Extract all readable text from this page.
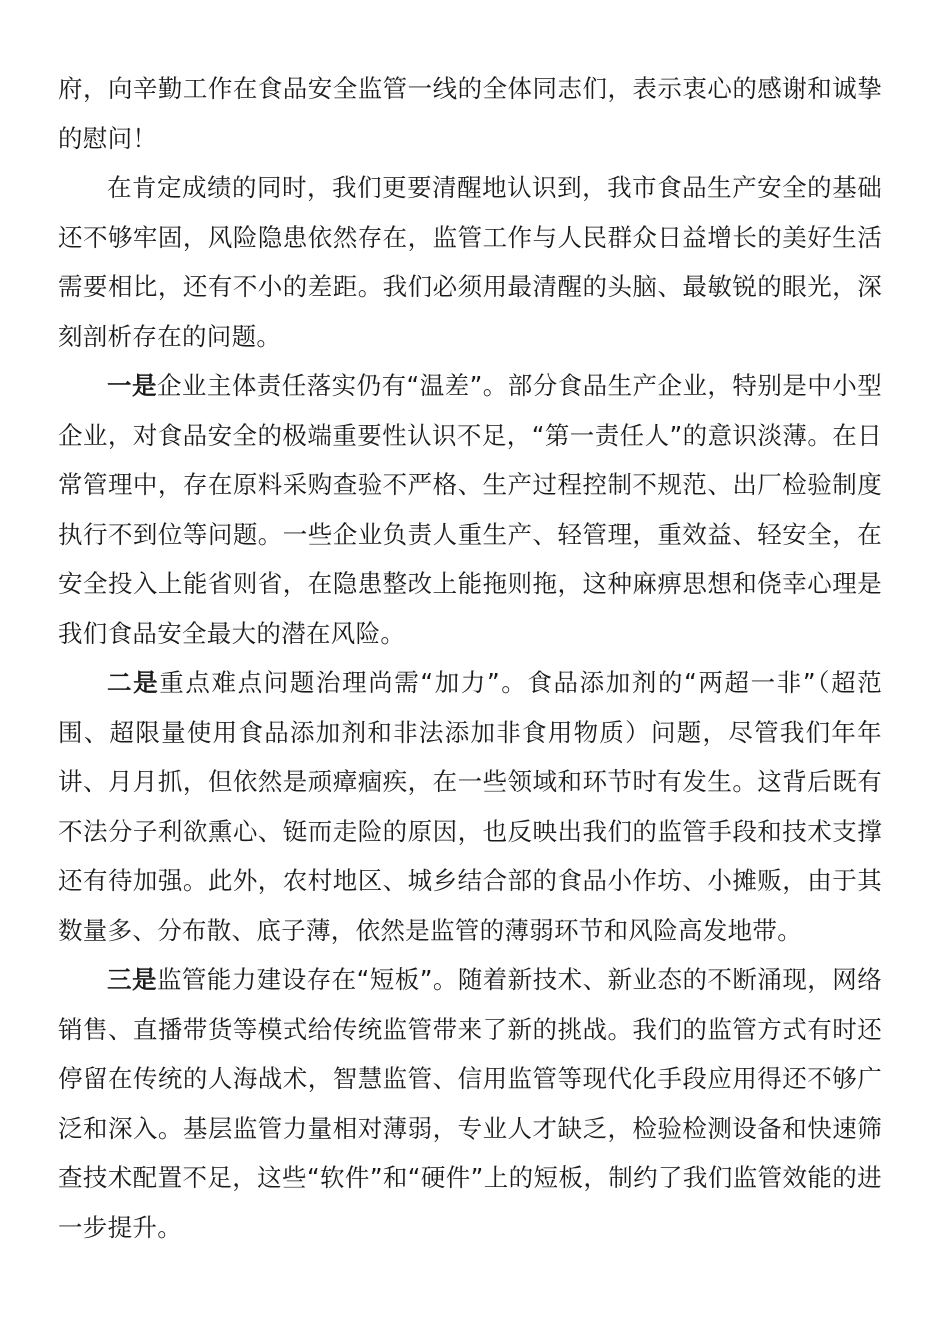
府，向辛勤工作在食品安全监管一线的全体同志们，表示衷心的感谢和诚挚的慰问！

在肯定成绩的同时，我们更要清醒地认识到，我市食品生产安全的基础还不够牢固，风险隐患依然存在，监管工作与人民群众日益增长的美好生活需要相比，还有不小的差距。我们必须用最清醒的头脑、最敏锐的眼光，深刻剖析存在的问题。

一是企业主体责任落实仍有“温差”。部分食品生产企业，特别是中小型企业，对食品安全的极端重要性认识不足，“第一责任人”的意识淡薄。在日常管理中，存在原料采购查验不严格、生产过程控制不规范、出厂检验制度执行不到位等问题。一些企业负责人重生产、轻管理，重效益、轻安全，在安全投入上能省则省，在隐患整改上能拖则拖，这种麻痹思想和侥幸心理是我们食品安全最大的潜在风险。

二是重点难点问题治理尚需“加力”。食品添加剂的“两超一非”（超范围、超限量使用食品添加剂和非法添加非食用物质）问题，尽管我们年年讲、月月抓，但依然是顽瘴痼疾，在一些领域和环节时有发生。这背后既有不法分子利欲熏心、铤而走险的原因，也反映出我们的监管手段和技术支撑还有待加强。此外，农村地区、城乡结合部的食品小作坊、小摊贩，由于其数量多、分布散、底子薄，依然是监管的薄弱环节和风险高发地带。

三是监管能力建设存在“短板”。随着新技术、新业态的不断涌现，网络销售、直播带货等模式给传统监管带来了新的挑战。我们的监管方式有时还停留在传统的人海战术，智慧监管、信用监管等现代化手段应用得还不够广泛和深入。基层监管力量相对薄弱，专业人才缺乏，检验检测设备和快速筛查技术配置不足，这些“软件”和“硬件”上的短板，制约了我们监管效能的进一步提升。
